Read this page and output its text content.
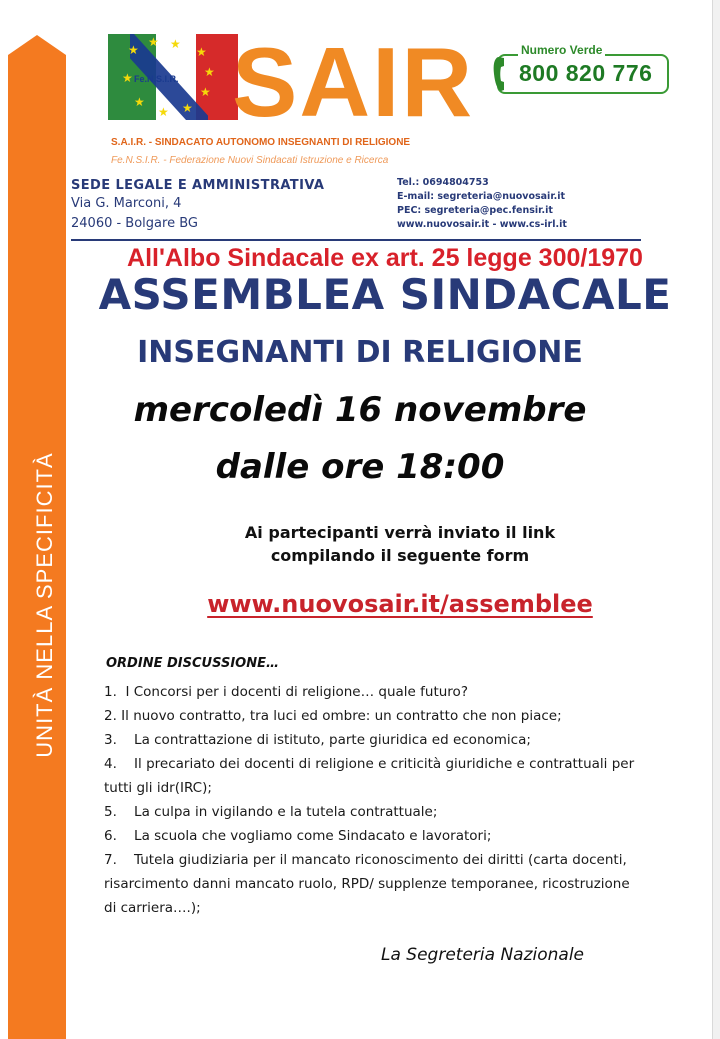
UNITÀ NELLA SPECIFICITÀ
★
★ ★
★
★
★
★
★
★
★ Fe.N.S.I.R. SAIR
S.A.I.R. - SINDACATO AUTONOMO INSEGNANTI DI RELIGIONE
Fe.N.S.I.R. - Federazione Nuovi Sindacati Istruzione e Ricerca
Numero Verde
800 820 776
SEDE LEGALE E AMMINISTRATIVA
Via G. Marconi, 4
24060 - Bolgare BG
Tel.: 0694804753
E-mail: segreteria@nuovosair.it
PEC: segreteria@pec.fensir.it
www.nuovosair.it - www.cs-irl.it
All'Albo Sindacale ex art. 25 legge 300/1970
ASSEMBLEA SINDACALE
INSEGNANTI DI RELIGIONE
mercoledì 16 novembre
dalle ore 18:00
Ai partecipanti verrà inviato il link
compilando il seguente form
www.nuovosair.it/assemblee
ORDINE DISCUSSIONE…
1.  I Concorsi per i docenti di religione… quale futuro?
2. Il nuovo contratto, tra luci ed ombre: un contratto che non piace;
3.    La contrattazione di istituto, parte giuridica ed economica;
4.    Il precariato dei docenti di religione e criticità giuridiche e contrattuali per tutti gli idr(IRC);
5.    La culpa in vigilando e la tutela contrattuale;
6.    La scuola che vogliamo come Sindacato e lavoratori;
7.    Tutela giudiziaria per il mancato riconoscimento dei diritti (carta docenti, risarcimento danni mancato ruolo, RPD/ supplenze temporanee, ricostruzione di carriera….);
La Segreteria Nazionale
